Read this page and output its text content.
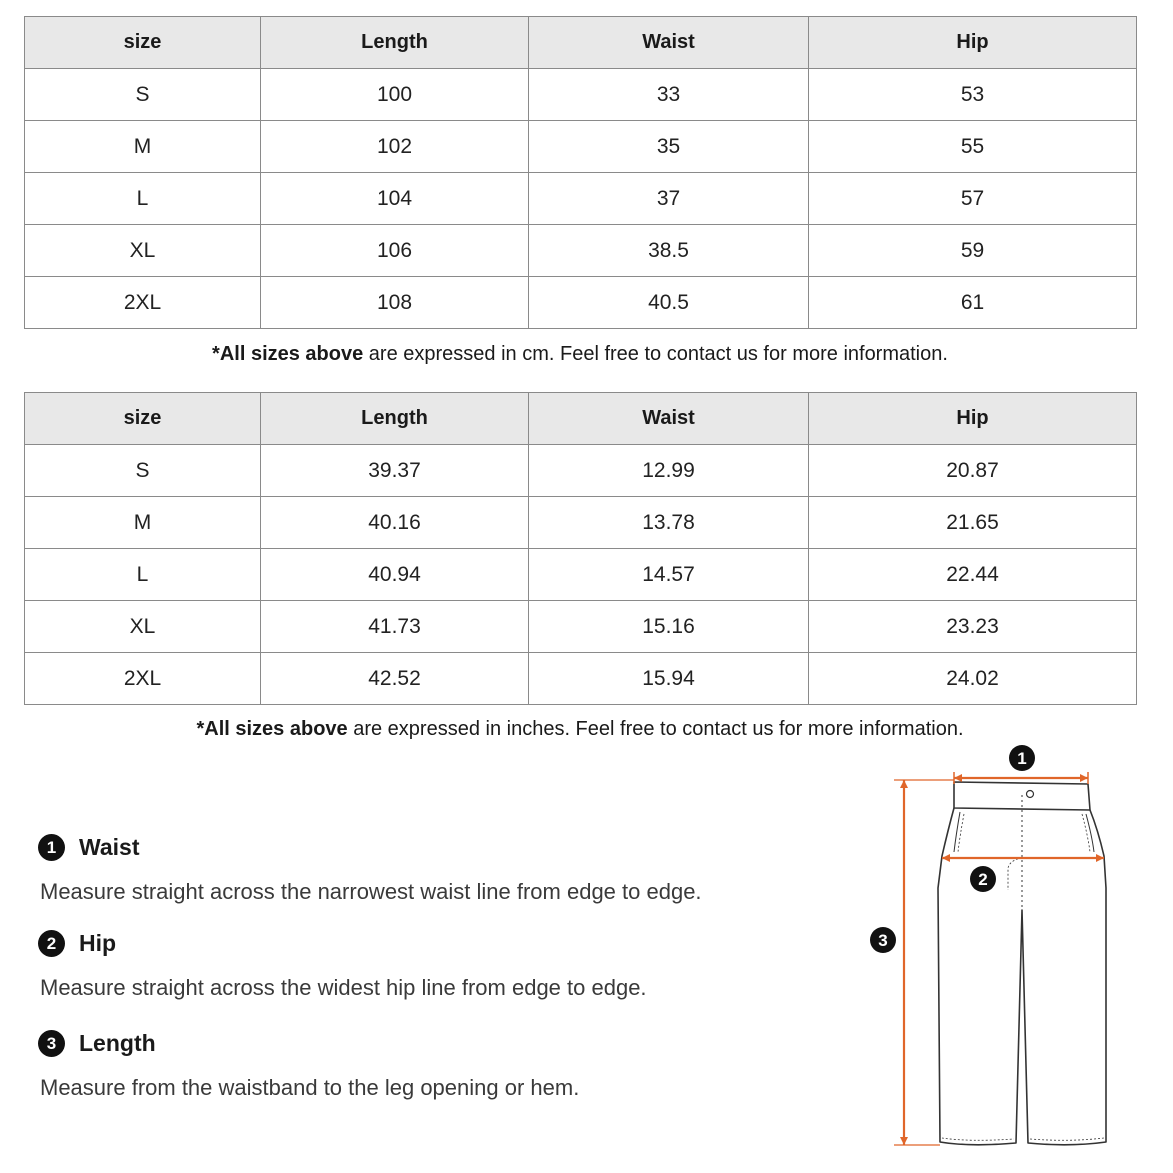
size	Length	Waist	Hip
S	100	33	53
M	102	35	55
L	104	37	57
XL	106	38.5	59
2XL	108	40.5	61
*All sizes above are expressed in cm. Feel free to contact us for more information.
size	Length	Waist	Hip
S	39.37	12.99	20.87
M	40.16	13.78	21.65
L	40.94	14.57	22.44
XL	41.73	15.16	23.23
2XL	42.52	15.94	24.02
*All sizes above are expressed in inches. Feel free to contact us for more information.
1 Waist
Measure straight across the narrowest waist line from edge to edge.
2 Hip
Measure straight across the widest hip line from edge to edge.
3 Length
Measure from the waistband to the leg opening or hem.
1
2
3
